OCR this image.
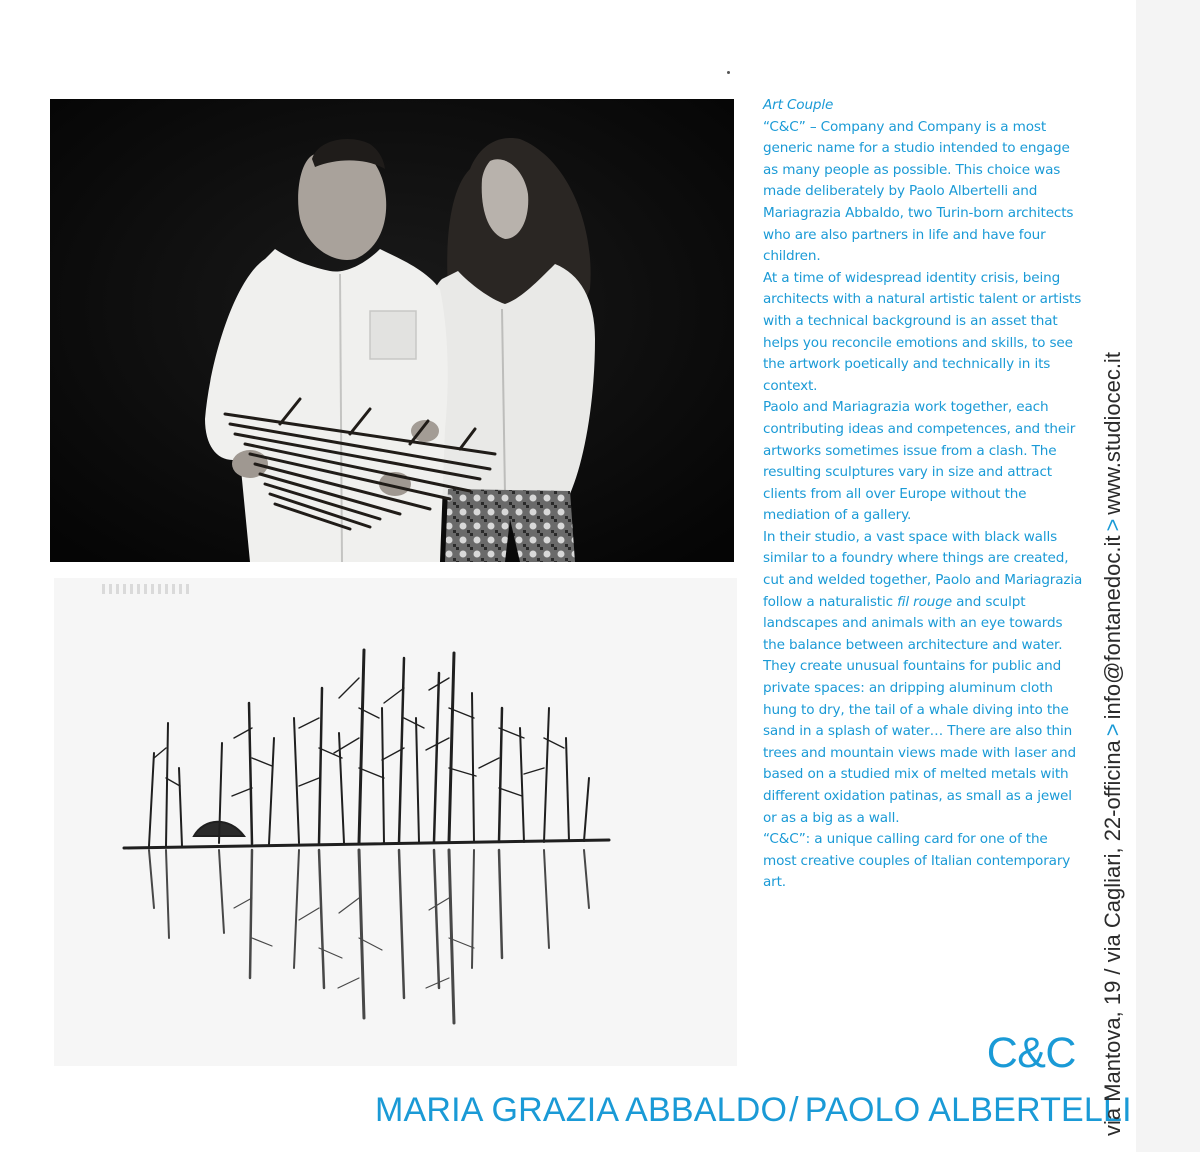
Art Couple

“C&C” – Company and Company is a most generic name for a studio intended to engage as many people as possible. This choice was made deliberately by Paolo Albertelli and Mariagrazia Abbaldo, two Turin-born architects who are also partners in life and have four children.

At a time of widespread identity crisis, being architects with a natural artistic talent or artists with a technical background is an asset that helps you reconcile emotions and skills, to see the artwork poetically and technically in its context.

Paolo and Mariagrazia work together, each contributing ideas and competences, and their artworks sometimes issue from a clash. The resulting sculptures vary in size and attract clients from all over Europe without the mediation of a gallery.

In their studio, a vast space with black walls similar to a foundry where things are created, cut and welded together, Paolo and Mariagrazia follow a naturalistic fil rouge and sculpt landscapes and animals with an eye towards the balance between architecture and water. They create unusual fountains for public and private spaces: an dripping aluminum cloth hung to dry, the tail of a whale diving into the sand in a splash of water… There are also thin trees and mountain views made with laser and based on a studied mix of melted metals with different oxidation patinas, as small as a jewel or as a big as a wall.

“C&C”: a unique calling card for one of the most creative couples of Italian contemporary art.

C&C
MARIA GRAZIA ABBALDO/ PAOLO ALBERTELLI
via Mantova, 19 / via Cagliari, 22-officina>info@fontanedoc.it>www.studiocec.it
